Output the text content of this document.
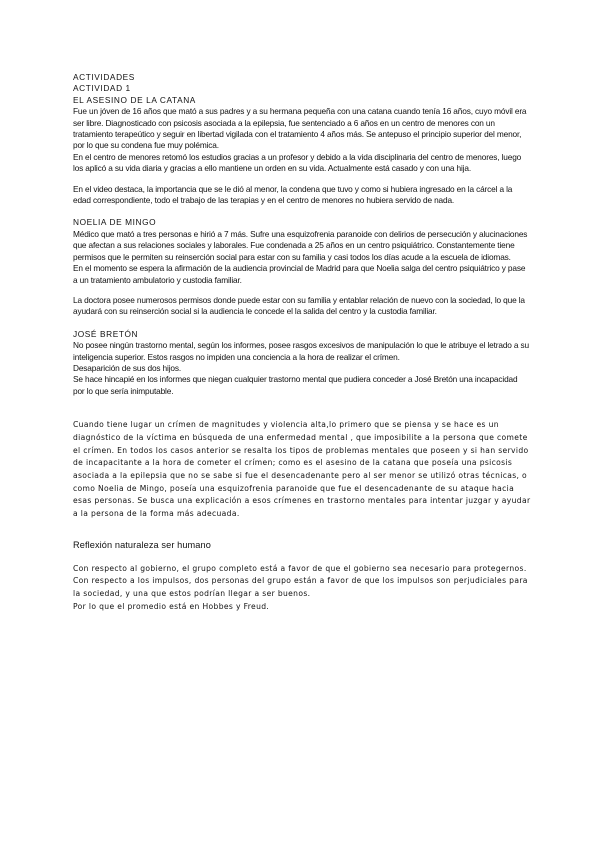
ACTIVIDADES
ACTIVIDAD 1
EL ASESINO DE LA CATANA

Fue un jóven de 16 años que mató a sus padres y a su hermana pequeña con una catana cuando tenía 16 años, cuyo móvil era ser libre. Diagnosticado con psicosis asociada a la epilepsia, fue sentenciado a 6 años en un centro de menores con un tratamiento terapeútico y seguir en libertad vigilada con el tratamiento 4 años más. Se antepuso el principio superior del menor, por lo que su condena fue muy polémica.

En el centro de menores retomó los estudios gracias a un profesor y debido a la vida disciplinaria del centro de menores, luego los aplicó a su vida diaria y gracias a ello mantiene un orden en su vida. Actualmente está casado y con una hija.

En el video destaca, la importancia que se le dió al menor, la condena que tuvo y como si hubiera ingresado en la cárcel a la edad correspondiente, todo el trabajo de las terapias y en el centro de menores no hubiera servido de nada.

NOELIA DE MINGO

Médico que mató a tres personas e hirió a 7 más. Sufre una esquizofrenia paranoide con delirios de persecución y alucinaciones que afectan a sus relaciones sociales y laborales. Fue condenada a 25 años en un centro psiquiátrico. Constantemente tiene permisos que le permiten su reinserción social para estar con su familia y casi todos los días acude a la escuela de idiomas.

En el momento se espera la afirmación de la audiencia provincial de Madrid para que Noelia salga del centro psiquiátrico y pase a un tratamiento ambulatorio y custodia familiar.

La doctora posee numerosos permisos donde puede estar con su familia y entablar relación de nuevo con la sociedad, lo que la ayudará con su reinserción social si la audiencia le concede el la salida del centro y la custodia familiar.

JOSÉ BRETÓN

No posee ningún trastorno mental, según los informes, posee rasgos excesivos de manipulación lo que le atribuye el letrado a su inteligencia superior. Estos rasgos no impiden una conciencia a la hora de realizar el crímen.

Desaparición de sus dos hijos.

Se hace hincapié en los informes que niegan cualquier trastorno mental que pudiera conceder a José Bretón una incapacidad por lo que sería inimputable.

Cuando tiene lugar un crímen de magnitudes y violencia alta,lo primero que se piensa y se hace es un diagnóstico de la víctima en búsqueda de una enfermedad mental , que imposibilite a la persona que comete el crímen. En todos los casos anterior se resalta los tipos de problemas mentales que poseen y si han servido de incapacitante a la hora de cometer el crímen; como es el asesino de la catana que poseía una psicosis asociada a la epilepsia que no se sabe si fue el desencadenante pero al ser menor se utilizó otras técnicas, o como Noelia de Mingo, poseía una esquizofrenia paranoide que fue el desencadenante de su ataque hacia esas personas. Se busca una explicación a esos crímenes en trastorno mentales para intentar juzgar y ayudar a la persona de la forma más adecuada.

Reflexión naturaleza ser humano

Con respecto al gobierno, el grupo completo está a favor de que el gobierno sea necesario para protegernos.

Con respecto a los impulsos, dos personas del grupo están a favor de que los impulsos son perjudiciales para la sociedad, y una que estos podrían llegar a ser buenos.

Por lo que el promedio está en Hobbes y Freud.
